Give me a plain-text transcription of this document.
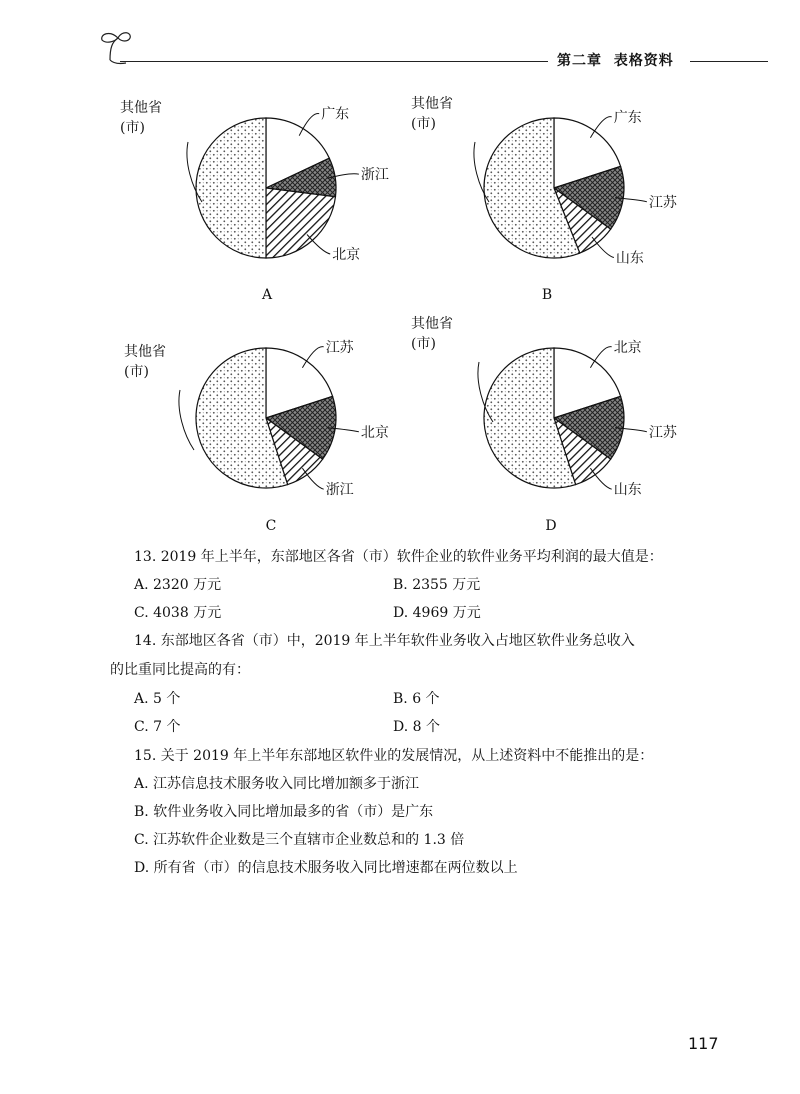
第二章 表格资料
广东
浙江
北京
其他省
(市)
广东
江苏
山东
其他省
(市)
江苏
北京
浙江
其他省
(市)
北京
江苏
山东
其他省
(市)
A	B
C	D
13. 2019 年上半年，东部地区各省（市）软件企业的软件业务平均利润的最大值是：
A. 2320 万元	B. 2355 万元
C. 4038 万元	D. 4969 万元
14. 东部地区各省（市）中，2019 年上半年软件业务收入占地区软件业务总收入
的比重同比提高的有：
A. 5 个	B. 6 个
C. 7 个	D. 8 个
15. 关于 2019 年上半年东部地区软件业的发展情况，从上述资料中不能推出的是：
A. 江苏信息技术服务收入同比增加额多于浙江
B. 软件业务收入同比增加最多的省（市）是广东
C. 江苏软件企业数是三个直辖市企业数总和的 1.3 倍
D. 所有省（市）的信息技术服务收入同比增速都在两位数以上
117
